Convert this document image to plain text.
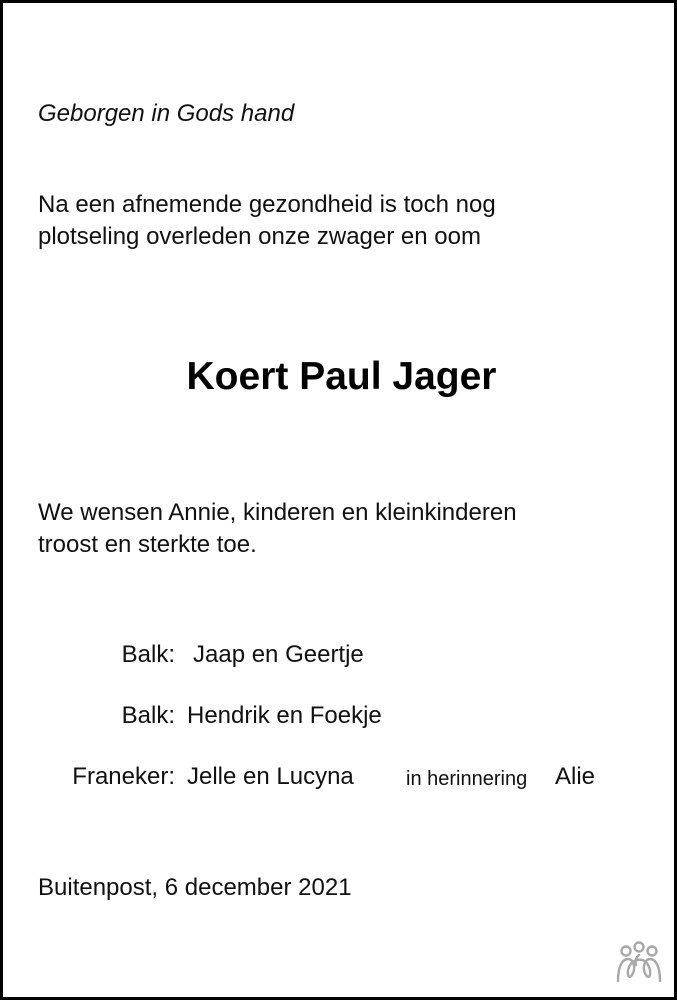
Geborgen in Gods hand
Na een afnemende gezondheid is toch nog
plotseling overleden onze zwager en oom
Koert Paul Jager
We wensen Annie, kinderen en kleinkinderen
troost en sterkte toe.
Balk: Jaap en Geertje
Balk: Hendrik en Foekje
Franeker: Jelle en Lucyna	in herinnering Alie
Buitenpost, 6 december 2021
